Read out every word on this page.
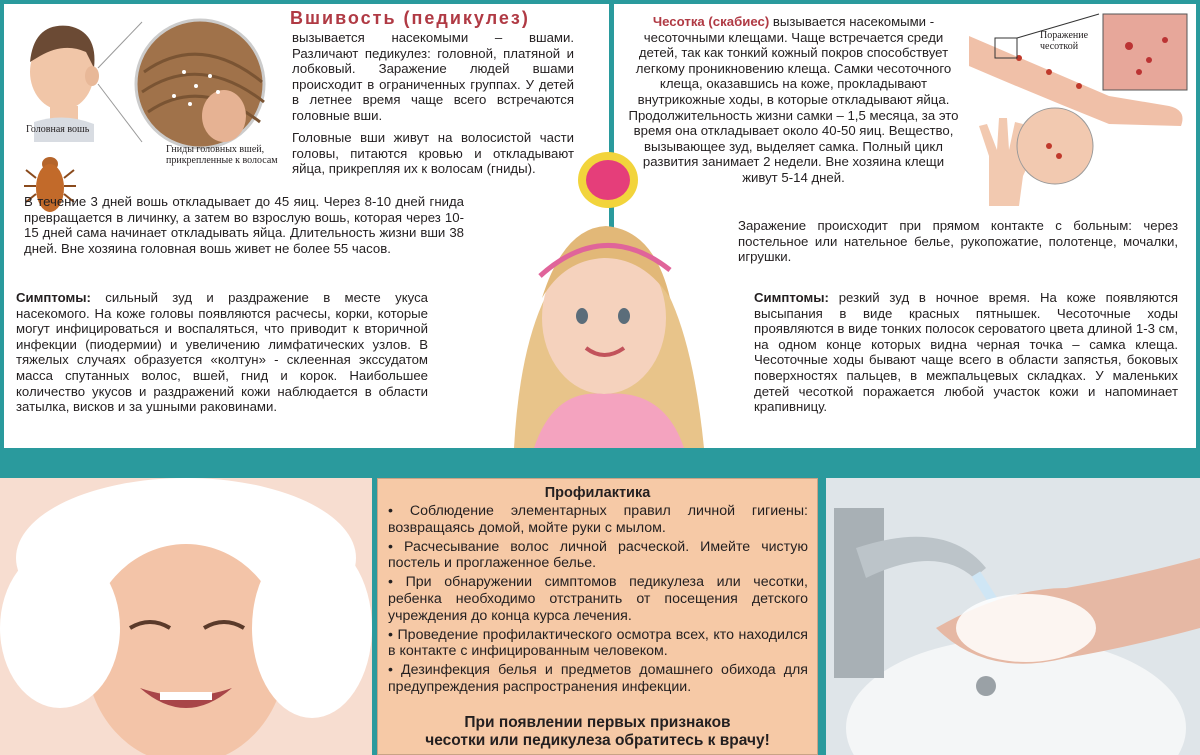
Головная вошь
Гниды головных вшей, прикрепленные к волосам
Вшивость (педикулез)
вызывается насекомыми – вшами. Различают педикулез: головной, платяной и лобковый. Заражение людей вшами происходит в ограниченных группах. У детей в летнее время чаще всего встречаются головные вши.
Головные вши живут на волосистой части головы, питаются кровью и откладывают яйца, прикрепляя их к волосам (гниды).
В течение 3 дней вошь откладывает до 45 яиц. Через 8-10 дней гнида превращается в личинку, а затем во взрослую вошь, которая через 10-15 дней сама начинает откладывать яйца. Длительность жизни вши 38 дней. Вне хозяина головная вошь живет не более 55 часов.
Симптомы: сильный зуд и раздражение в месте укуса насекомого. На коже головы появляются расчесы, корки, которые могут инфицироваться и воспаляться, что приводит к вторичной инфекции (пиодермии) и увеличению лимфатических узлов. В тяжелых случаях образуется «колтун» - склеенная экссудатом масса спутанных волос, вшей, гнид и корок. Наибольшее количество укусов и раздражений кожи наблюдается в области затылка, висков и за ушными раковинами.
Поражение чесоткой
Чесотка (скабиес) вызывается насекомыми - чесоточными клещами. Чаще встречается среди детей, так как тонкий кожный покров способствует легкому проникновению клеща. Самки чесоточного клеща, оказавшись на коже, прокладывают внутрикожные ходы, в которые откладывают яйца. Продолжительность жизни самки – 1,5 месяца, за это время она откладывает около 40-50 яиц. Вещество, вызывающее зуд, выделяет самка. Полный цикл развития занимает 2 недели. Вне хозяина клещи живут 5-14 дней.
Заражение происходит при прямом контакте с больным: через постельное или нательное белье, рукопожатие, полотенце, мочалки, игрушки.
Симптомы: резкий зуд в ночное время. На коже появляются высыпания в виде красных пятнышек. Чесоточные ходы проявляются в виде тонких полосок сероватого цвета длиной 1-3 см, на одном конце которых видна черная точка – самка клеща. Чесоточные ходы бывают чаще всего в области запястья, боковых поверхностях пальцев, в межпальцевых складках. У маленьких детей чесоткой поражается любой участок кожи и напоминает крапивницу.
Профилактика
• Соблюдение элементарных правил личной гигиены: возвращаясь домой, мойте руки с мылом.
• Расчесывание волос личной расческой. Имейте чистую постель и проглаженное белье.
• При обнаружении симптомов педикулеза или чесотки, ребенка необходимо отстранить от посещения детского учреждения до конца курса лечения.
• Проведение профилактического осмотра всех, кто находился в контакте с инфицированным человеком.
• Дезинфекция белья и предметов домашнего обихода для предупреждения распространения инфекции.
При появлении первых признаков
чесотки или педикулеза обратитесь к врачу!
